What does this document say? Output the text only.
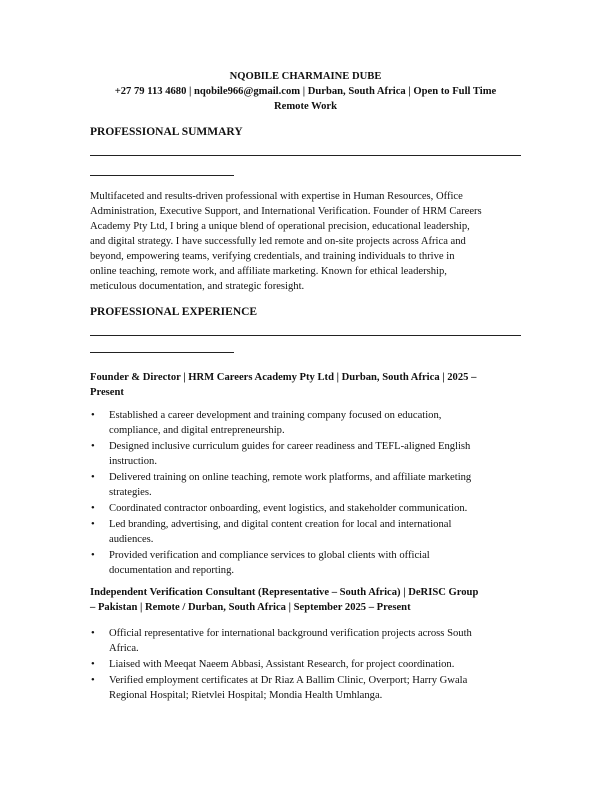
NQOBILE CHARMAINE DUBE
+27 79 113 4680 | nqobile966@gmail.com | Durban, South Africa | Open to Full Time
Remote Work
PROFESSIONAL SUMMARY
Multifaceted and results-driven professional with expertise in Human Resources, Office
Administration, Executive Support, and International Verification. Founder of HRM Careers
Academy Pty Ltd, I bring a unique blend of operational precision, educational leadership,
and digital strategy. I have successfully led remote and on-site projects across Africa and
beyond, empowering teams, verifying credentials, and training individuals to thrive in
online teaching, remote work, and affiliate marketing. Known for ethical leadership,
meticulous documentation, and strategic foresight.
PROFESSIONAL EXPERIENCE
Founder & Director | HRM Careers Academy Pty Ltd | Durban, South Africa | 2025 –
Present
• Established a career development and training company focused on education,
compliance, and digital entrepreneurship.
• Designed inclusive curriculum guides for career readiness and TEFL-aligned English
instruction.
• Delivered training on online teaching, remote work platforms, and affiliate marketing
strategies.
• Coordinated contractor onboarding, event logistics, and stakeholder communication.
• Led branding, advertising, and digital content creation for local and international
audiences.
• Provided verification and compliance services to global clients with official
documentation and reporting.
Independent Verification Consultant (Representative – South Africa) | DeRISC Group
– Pakistan | Remote / Durban, South Africa | September 2025 – Present
• Official representative for international background verification projects across South
Africa.
• Liaised with Meeqat Naeem Abbasi, Assistant Research, for project coordination.
• Verified employment certificates at Dr Riaz A Ballim Clinic, Overport; Harry Gwala
Regional Hospital; Rietvlei Hospital; Mondia Health Umhlanga.
